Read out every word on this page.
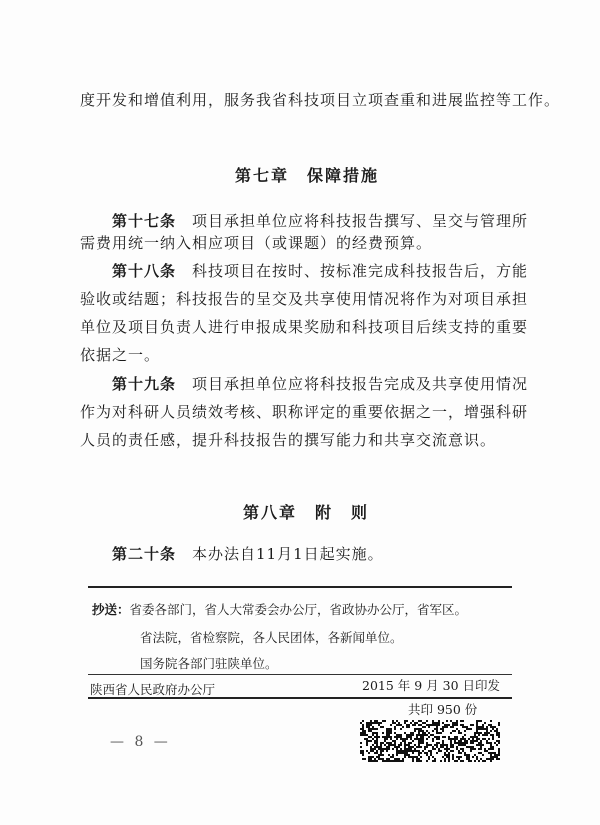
度开发和增值利用，服务我省科技项目立项查重和进展监控等工作。
第七章　保障措施
第十七条　项目承担单位应将科技报告撰写、呈交与管理所
需费用统一纳入相应项目（或课题）的经费预算。
第十八条　科技项目在按时、按标准完成科技报告后，方能
验收或结题；科技报告的呈交及共享使用情况将作为对项目承担
单位及项目负责人进行申报成果奖励和科技项目后续支持的重要
依据之一。
第十九条　项目承担单位应将科技报告完成及共享使用情况
作为对科研人员绩效考核、职称评定的重要依据之一，增强科研
人员的责任感，提升科技报告的撰写能力和共享交流意识。
第八章　附　则
第二十条　本办法自11月1日起实施。
抄送：省委各部门，省人大常委会办公厅，省政协办公厅，省军区。
省法院，省检察院，各人民团体，各新闻单位。
国务院各部门驻陕单位。
陕西省人民政府办公厅	2015 年 9 月 30 日印发
共印 950 份
— 8 —
